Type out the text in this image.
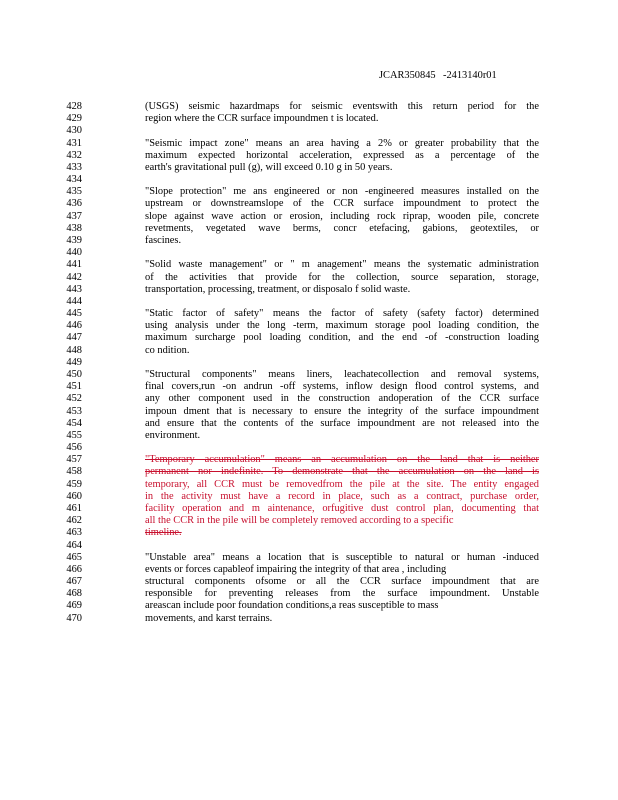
JCAR350845 -2413140r01
428	(USGS) seismic hazardmaps for seismic eventswith this return period for the
429	region where the CCR surface impoundmen t is located.
430
431	"Seismic impact zone" means an area having a 2% or greater probability that the
432	maximum expected horizontal acceleration, expressed as a percentage of the
433	earth's gravitational pull (g), will exceed 0.10 g in 50 years.
434
435	"Slope protection" me ans engineered or non -engineered measures installed on the
436	upstream or downstreamslope of the CCR surface impoundment to protect the
437	slope against wave action or erosion, including rock riprap, wooden pile, concrete
438	revetments, vegetated wave berms, concr etefacing, gabions, geotextiles, or
439	fascines.
440
441	"Solid waste management" or " m anagement" means the systematic administration
442	of the activities that provide for the collection, source separation, storage,
443	transportation, processing, treatment, or disposalo f solid waste.
444
445	"Static factor of safety" means the factor of safety (safety factor) determined
446	using analysis under the long -term, maximum storage pool loading condition, the
447	maximum surcharge pool loading condition, and the end -of -construction loading
448	co ndition.
449
450	"Structural components" means liners, leachatecollection and removal systems,
451	final covers,run -on andrun -off systems, inflow design flood control systems, and
452	any other component used in the construction andoperation of the CCR surface
453	impoun dment that is necessary to ensure the integrity of the surface impoundment
454	and ensure that the contents of the surface impoundment are not released into the
455	environment.
456
457	"Temporary accumulation" means an accumulation on the land that is neither
458	permanent nor indefinite. To demonstrate that the accumulation on the land is
459	temporary, all CCR must be removedfrom the pile at the site. The entity engaged
460	in the activity must have a record in place, such as a contract, purchase order,
461	facility operation and m aintenance, orfugitive dust control plan, documenting that
462	all the CCR in the pile will be completely removed according to a specific
463	timeline.
464
465	"Unstable area" means a location that is susceptible to natural or human -induced
466	events or forces capableof impairing the integrity of that area , including
467	structural components ofsome or all the CCR surface impoundment that are
468	responsible for preventing releases from the surface impoundment. Unstable
469	areascan include poor foundation conditions,a reas susceptible to mass
470	movements, and karst terrains.
